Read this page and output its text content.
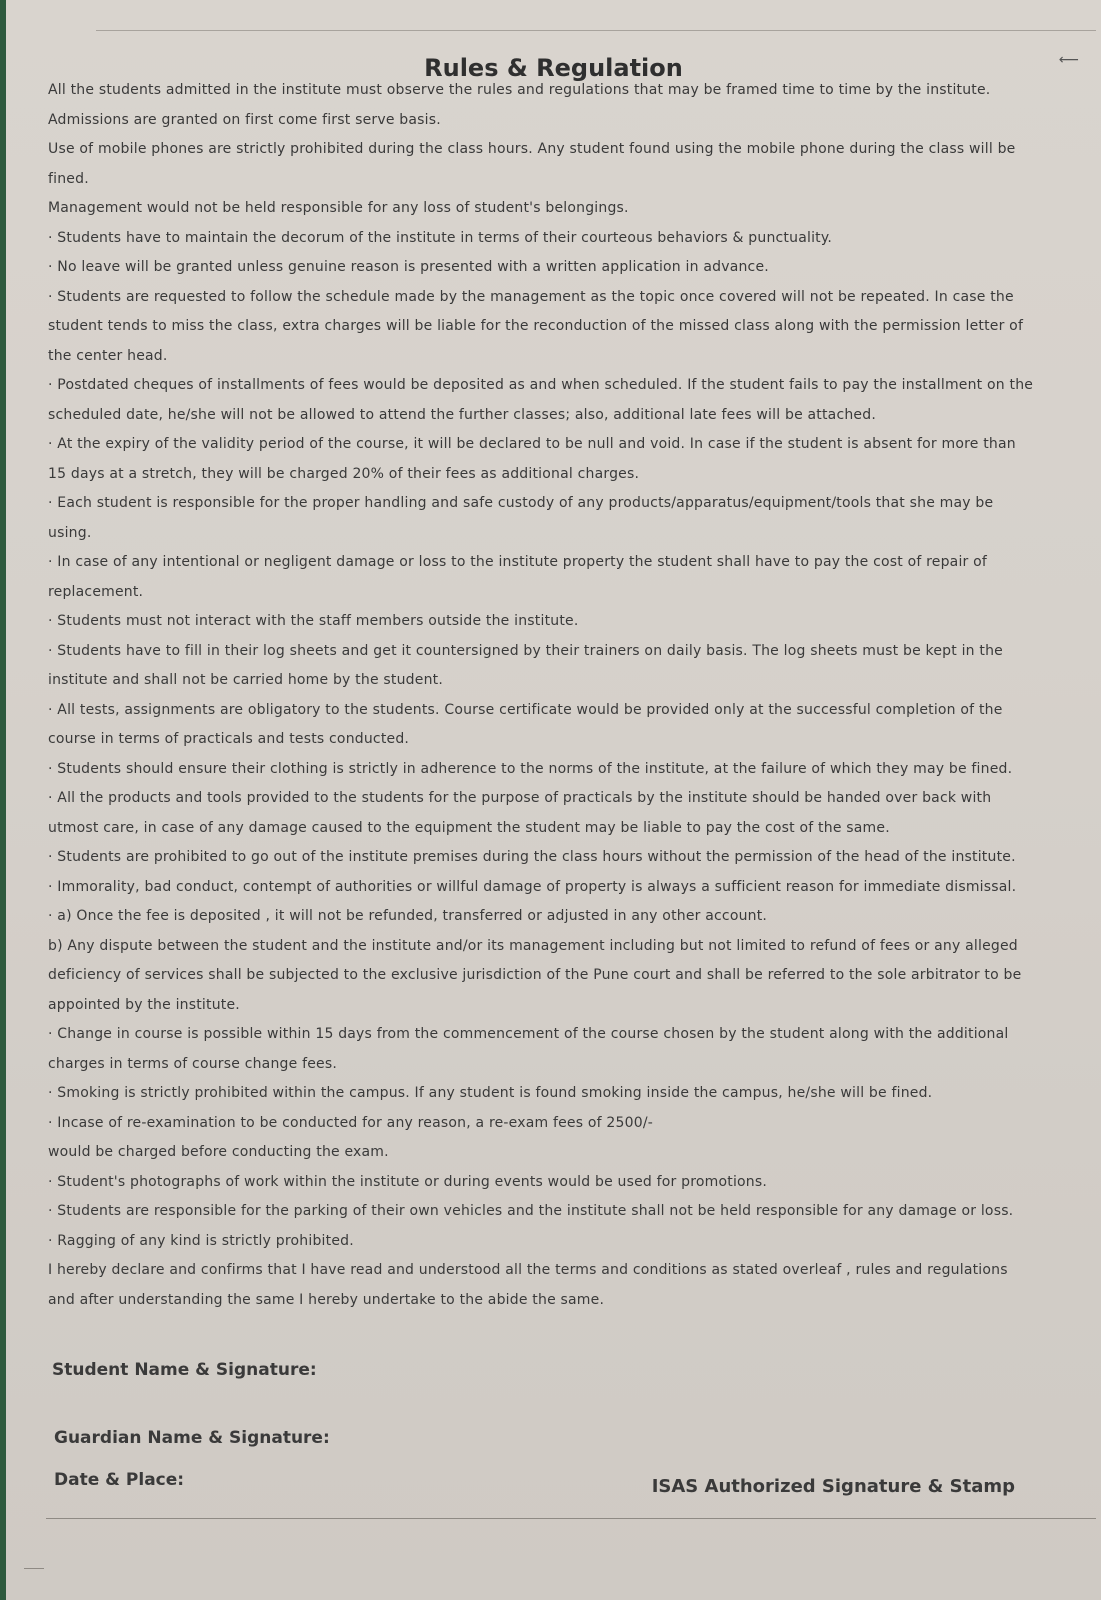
⟵
Rules & Regulation

All the students admitted in the institute must observe the rules and regulations that may be framed time to time by the institute.

Admissions are granted on first come first serve basis.

Use of mobile phones are strictly prohibited during the class hours. Any student found using the mobile phone during the class will be fined.

Management would not be held responsible for any loss of student's belongings.

· Students have to maintain the decorum of the institute in terms of their courteous behaviors & punctuality.

· No leave will be granted unless genuine reason is presented with a written application in advance.

· Students are requested to follow the schedule made by the management as the topic once covered will not be repeated. In case the student tends to miss the class, extra charges will be liable for the reconduction of the missed class along with the permission letter of the center head.

· Postdated cheques of installments of fees would be deposited as and when scheduled. If the student fails to pay the installment on the scheduled date, he/she will not be allowed to attend the further classes; also, additional late fees will be attached.

· At the expiry of the validity period of the course, it will be declared to be null and void. In case if the student is absent for more than 15 days at a stretch, they will be charged 20% of their fees as additional charges.

· Each student is responsible for the proper handling and safe custody of any products/apparatus/equipment/tools that she may be using.

· In case of any intentional or negligent damage or loss to the institute property the student shall have to pay the cost of repair of replacement.

· Students must not interact with the staff members outside the institute.

· Students have to fill in their log sheets and get it countersigned by their trainers on daily basis. The log sheets must be kept in the institute and shall not be carried home by the student.

· All tests, assignments are obligatory to the students. Course certificate would be provided only at the successful completion of the course in terms of practicals and tests conducted.

· Students should ensure their clothing is strictly in adherence to the norms of the institute, at the failure of which they may be fined.

· All the products and tools provided to the students for the purpose of practicals by the institute should be handed over back with utmost care, in case of any damage caused to the equipment the student may be liable to pay the cost of the same.

· Students are prohibited to go out of the institute premises during the class hours without the permission of the head of the institute.

· Immorality, bad conduct, contempt of authorities or willful damage of property is always a sufficient reason for immediate dismissal.

· a) Once the fee is deposited , it will not be refunded, transferred or adjusted in any other account.

b) Any dispute between the student and the institute and/or its management including but not limited to refund of fees or any alleged deficiency of services shall be subjected to the exclusive jurisdiction of the Pune court and shall be referred to the sole arbitrator to be appointed by the institute.

· Change in course is possible within 15 days from the commencement of the course chosen by the student along with the additional charges in terms of course change fees.

· Smoking is strictly prohibited within the campus. If any student is found smoking inside the campus, he/she will be fined.

· Incase of re-examination to be conducted for any reason, a re-exam fees of 2500/-

would be charged before conducting the exam.

· Student's photographs of work within the institute or during events would be used for promotions.

· Students are responsible for the parking of their own vehicles and the institute shall not be held responsible for any damage or loss.

· Ragging of any kind is strictly prohibited.

I hereby declare and confirms that I have read and understood all the terms and conditions as stated overleaf , rules and regulations and after understanding the same I hereby undertake to the abide the same.

Student Name & Signature:
Guardian Name & Signature:
Date & Place:	ISAS Authorized Signature & Stamp
